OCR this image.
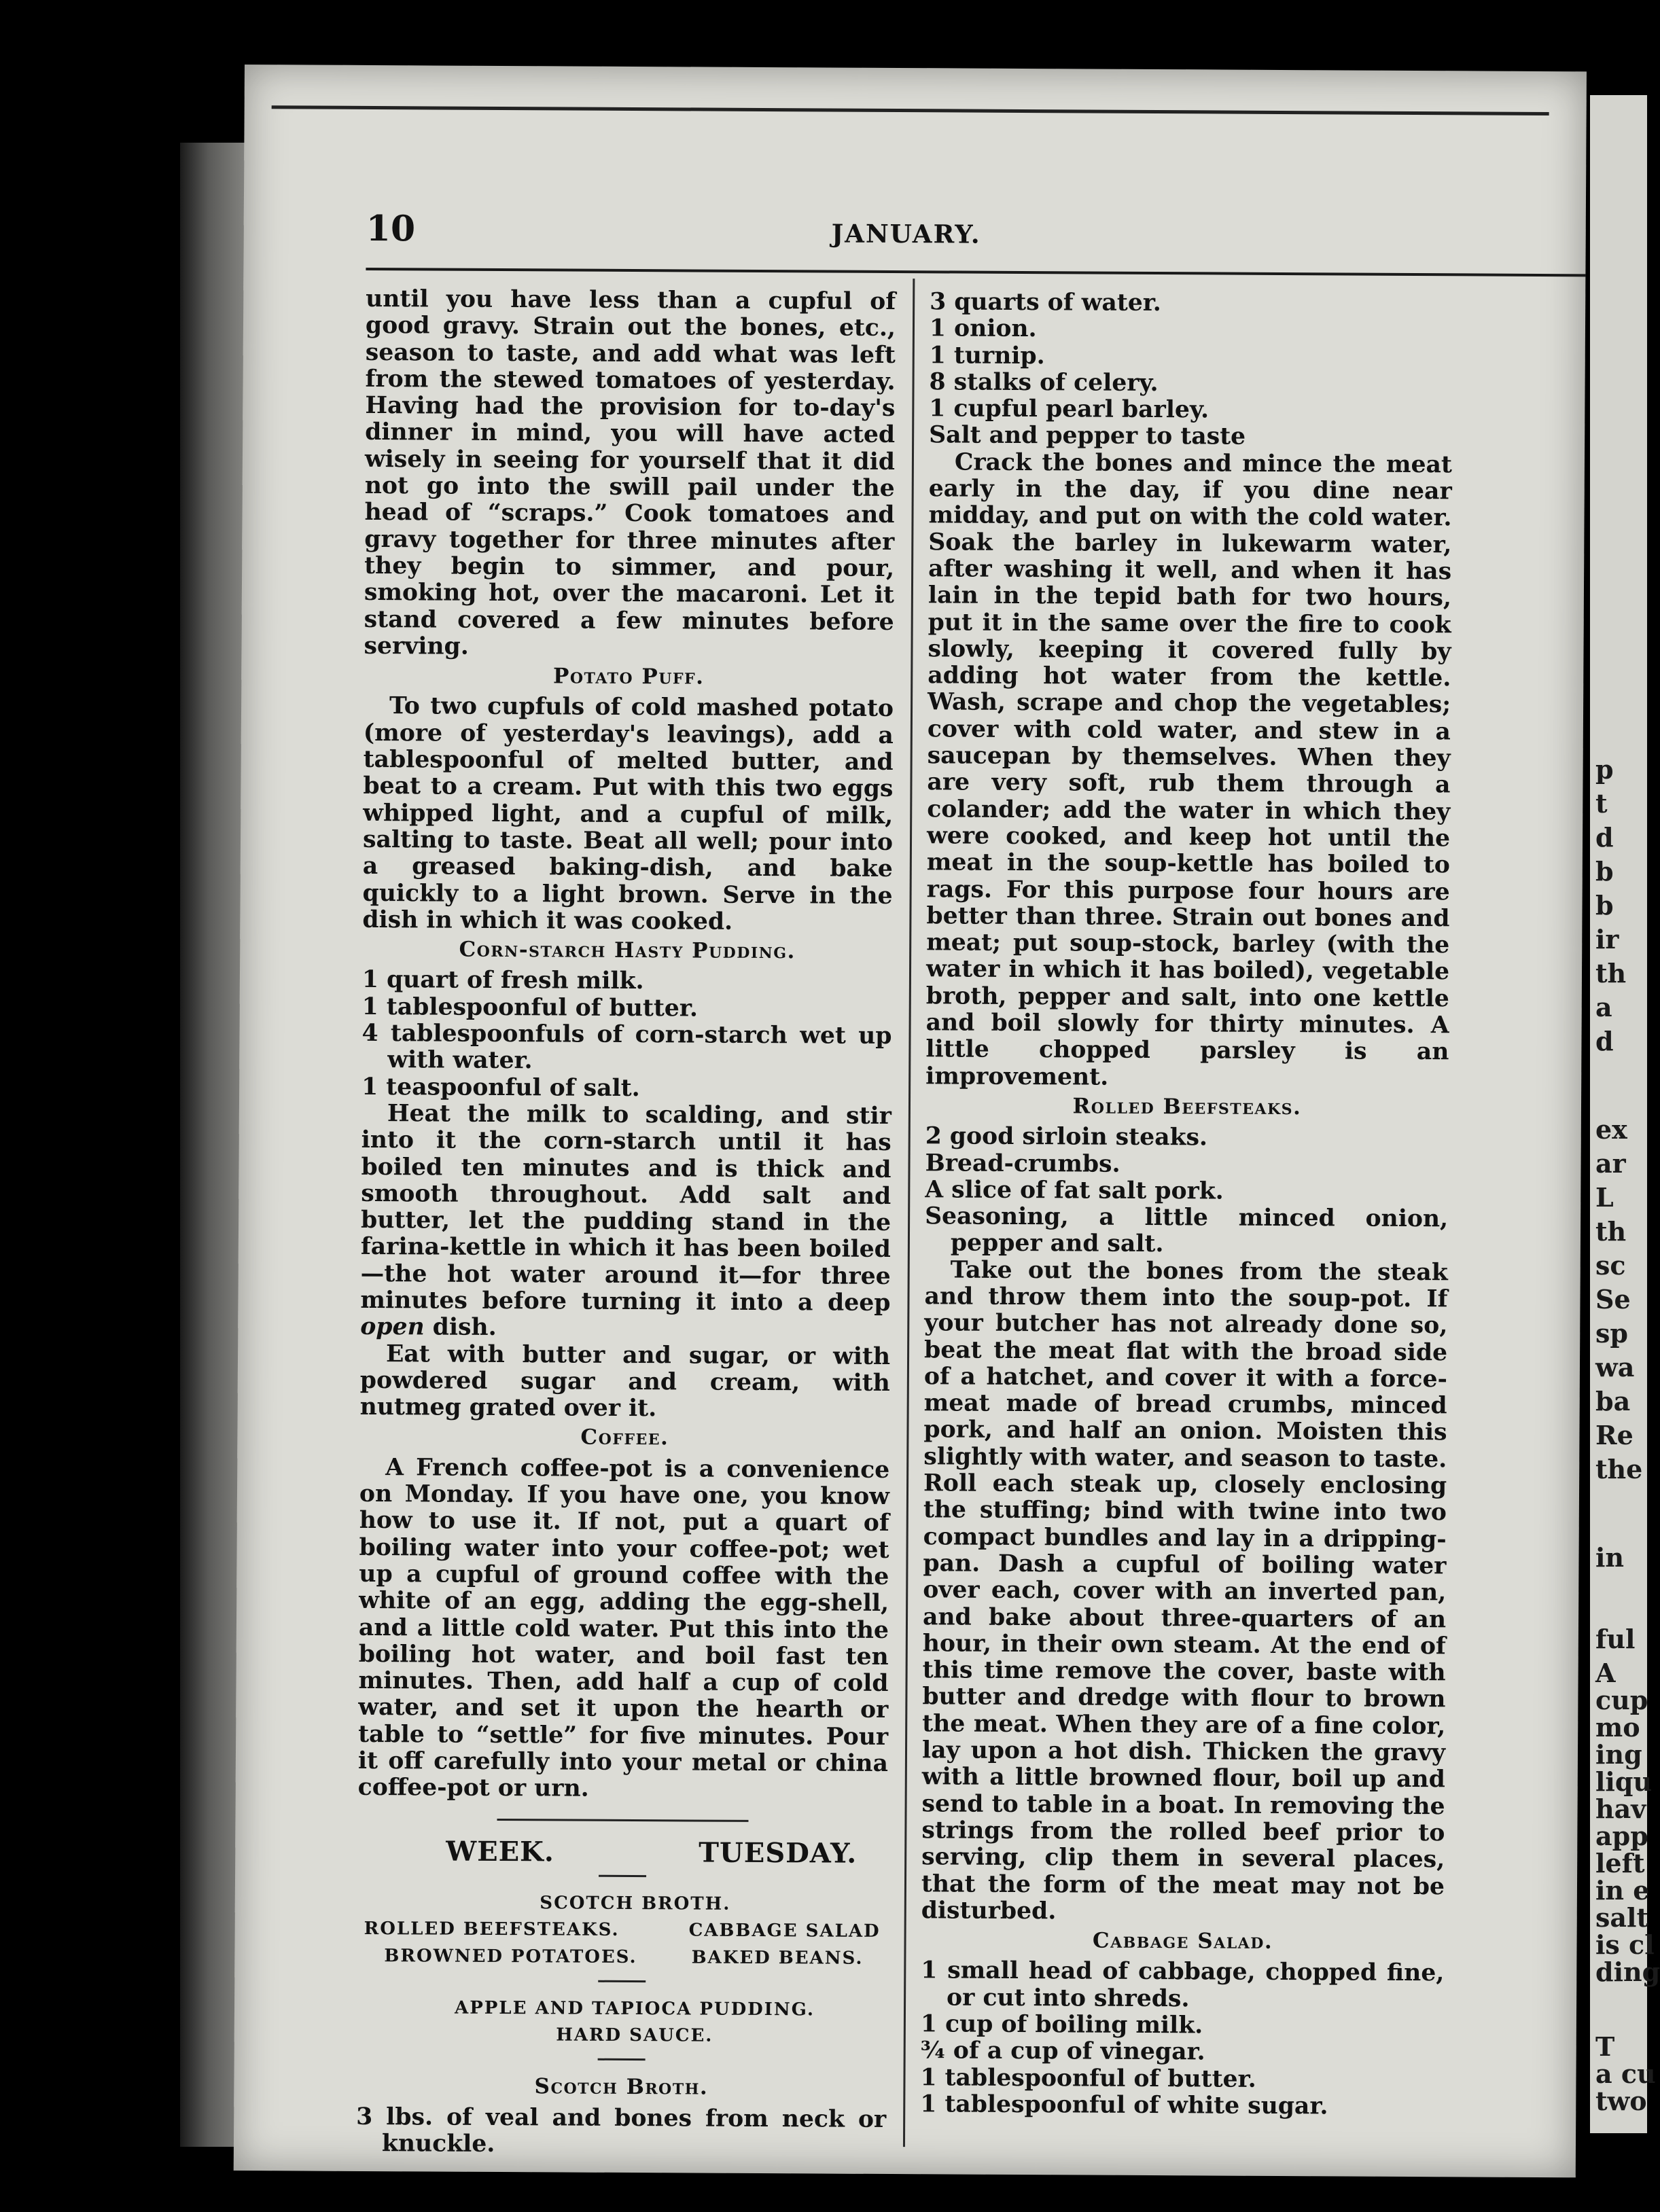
10	JANUARY.

until you have less than a cupful of good gravy. Strain out the bones, etc., season to taste, and add what was left from the stewed tomatoes of yesterday. Having had the provision for to-day's dinner in mind, you will have acted wisely in seeing for yourself that it did not go into the swill pail under the head of “scraps.” Cook tomatoes and gravy together for three minutes after they begin to simmer, and pour, smoking hot, over the macaroni. Let it stand covered a few minutes before serving.

Potato Puff.

To two cupfuls of cold mashed potato (more of yesterday's leavings), add a tablespoonful of melted butter, and beat to a cream. Put with this two eggs whipped light, and a cupful of milk, salting to taste. Beat all well; pour into a greased baking-dish, and bake quickly to a light brown. Serve in the dish in which it was cooked.

Corn-starch Hasty Pudding.

1 quart of fresh milk.

1 tablespoonful of butter.

4 tablespoonfuls of corn-starch wet up with water.

1 teaspoonful of salt.

Heat the milk to scalding, and stir into it the corn-starch until it has boiled ten minutes and is thick and smooth throughout. Add salt and butter, let the pudding stand in the farina-kettle in which it has been boiled—the hot water around it—for three minutes before turning it into a deep open dish.

Eat with butter and sugar, or with powdered sugar and cream, with nutmeg grated over it.

Coffee.

A French coffee-pot is a convenience on Monday. If you have one, you know how to use it. If not, put a quart of boiling water into your coffee-pot; wet up a cupful of ground coffee with the white of an egg, adding the egg-shell, and a little cold water. Put this into the boiling hot water, and boil fast ten minutes. Then, add half a cup of cold water, and set it upon the hearth or table to “settle” for five minutes. Pour it off carefully into your metal or china coffee-pot or urn.

WEEK.	TUESDAY.

SCOTCH BROTH.

ROLLED BEEFSTEAKS.	CABBAGE SALAD
BROWNED POTATOES.	BAKED BEANS.

APPLE AND TAPIOCA PUDDING.

HARD SAUCE.

Scotch Broth.

3 lbs. of veal and bones from neck or knuckle.

3 quarts of water.

1 onion.

1 turnip.

8 stalks of celery.

1 cupful pearl barley.

Salt and pepper to taste

Crack the bones and mince the meat early in the day, if you dine near midday, and put on with the cold water. Soak the barley in lukewarm water, after washing it well, and when it has lain in the tepid bath for two hours, put it in the same over the fire to cook slowly, keeping it covered fully by adding hot water from the kettle. Wash, scrape and chop the vegetables; cover with cold water, and stew in a saucepan by themselves. When they are very soft, rub them through a colander; add the water in which they were cooked, and keep hot until the meat in the soup-kettle has boiled to rags. For this purpose four hours are better than three. Strain out bones and meat; put soup-stock, barley (with the water in which it has boiled), vegetable broth, pepper and salt, into one kettle and boil slowly for thirty minutes. A little chopped parsley is an improvement.

Rolled Beefsteaks.

2 good sirloin steaks.

Bread-crumbs.

A slice of fat salt pork.

Seasoning, a little minced onion, pepper and salt.

Take out the bones from the steak and throw them into the soup-pot. If your butcher has not already done so, beat the meat flat with the broad side of a hatchet, and cover it with a force-meat made of bread crumbs, minced pork, and half an onion. Moisten this slightly with water, and season to taste. Roll each steak up, closely enclosing the stuffing; bind with twine into two compact bundles and lay in a dripping-pan. Dash a cupful of boiling water over each, cover with an inverted pan, and bake about three-quarters of an hour, in their own steam. At the end of this time remove the cover, baste with butter and dredge with flour to brown the meat. When they are of a fine color, lay upon a hot dish. Thicken the gravy with a little browned flour, boil up and send to table in a boat. In removing the strings from the rolled beef prior to serving, clip them in several places, that the form of the meat may not be disturbed.

Cabbage Salad.

1 small head of cabbage, chopped fine, or cut into shreds.

1 cup of boiling milk.

¾ of a cup of vinegar.

1 tablespoonful of butter.

1 tablespoonful of white sugar.

p
t
d
b
b
ir
th
a
d
ex
ar
L
th
sc
Se
sp
wa
ba
Re
the
in
ful
A
cup
mo
ing
liqu
hav
app
left
in e
salt
is cl
ding
T
a cu
two
